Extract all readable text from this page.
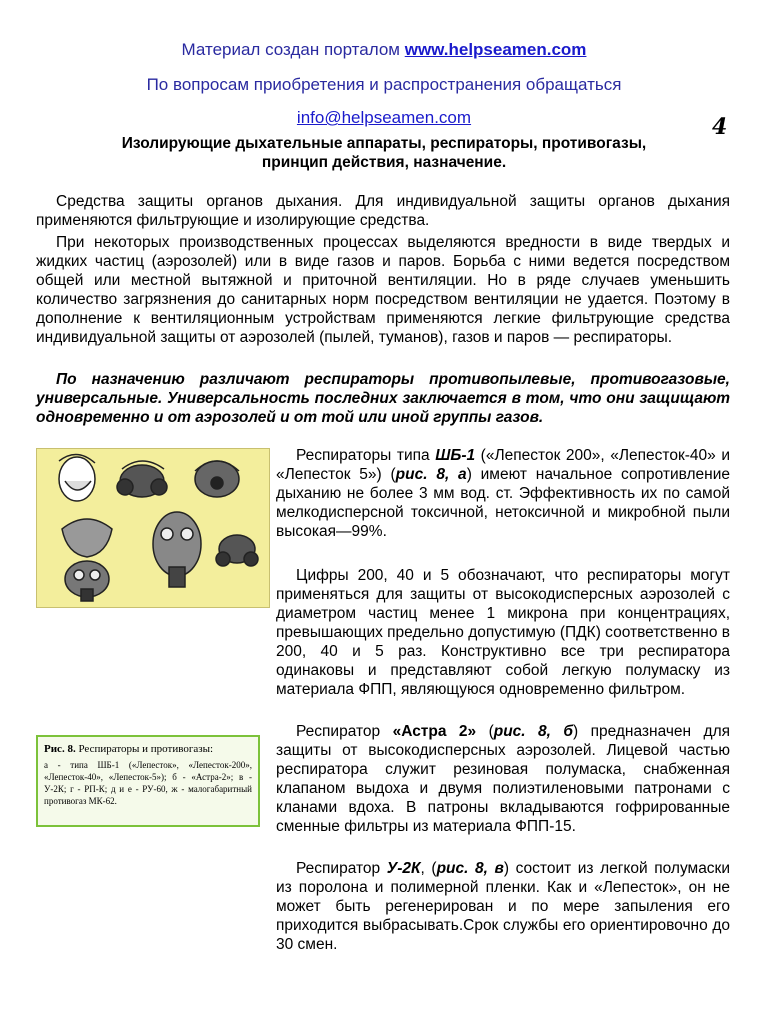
Материал создан порталом www.helpseamen.com
По вопросам приобретения и распространения обращаться
info@helpseamen.com	4
Изолирующие дыхательные аппараты, респираторы, противогазы,
принцип действия, назначение.

Средства защиты органов дыхания. Для индивидуальной защиты органов дыхания применяются фильтрующие и изолирующие средства.

При некоторых производственных процессах выделяются вредности в виде твердых и жидких частиц (аэрозолей) или в виде газов и паров. Борьба с ними ведется посредством общей или местной вытяжной и приточной вентиляции. Но в ряде случаев уменьшить количество загрязнения до санитарных норм посредством вентиляции не удается. Поэтому в дополнение к вентиляционным устройствам применяются легкие фильтрующие средства индивидуальной защиты от аэрозолей (пылей, туманов), газов и паров — респираторы.

По назначению различают респираторы противопылевые, противогазовые, универсальные. Универсальность последних заключается в том, что они защищают одновременно и от аэрозолей и от той или иной группы газов.

Респираторы типа ШБ-1 («Лепесток 200», «Лепесток-40» и «Лепесток 5») (рис. 8, а) имеют начальное сопротивление дыханию не более 3 мм вод. ст. Эффективность их по самой мелкодисперсной токсичной, нетоксичной и микробной пыли высокая—99%.

Цифры 200, 40 и 5 обозначают, что респираторы могут применяться для защиты от высокодисперсных аэрозолей с диаметром частиц менее 1 микрона при концентрациях, превышающих предельно допустимую (ПДК) соответственно в 200, 40 и 5 раз. Конструктивно все три респиратора одинаковы и представляют собой легкую полумаску из материала ФПП, являющуюся одновременно фильтром.

Респиратор «Астра 2» (рис. 8, б) предназначен для защиты от высокодисперсных аэрозолей. Лицевой частью респиратора служит резиновая полумаска, снабженная клапаном выдоха и двумя полиэтиленовыми патронами с кланами вдоха. В патроны вкладываются гофрированные сменные фильтры из материала ФПП-15.

Респиратор У-2К, (рис. 8, в) состоит из легкой полумаски из поролона и полимерной пленки. Как и «Лепесток», он не может быть регенерирован и по мере запыления его приходится выбрасывать.Срок службы его ориентировочно до 30 смен.

Рис. 8. Респираторы и противогазы:
а - типа ШБ-1 («Лепесток», «Лепесток-200», «Лепесток-40», «Лепесток-5»); б - «Астра-2»; в - У-2К; г - РП-К; д и е - РУ-60, ж - малогабаритный противогаз МК-62.
